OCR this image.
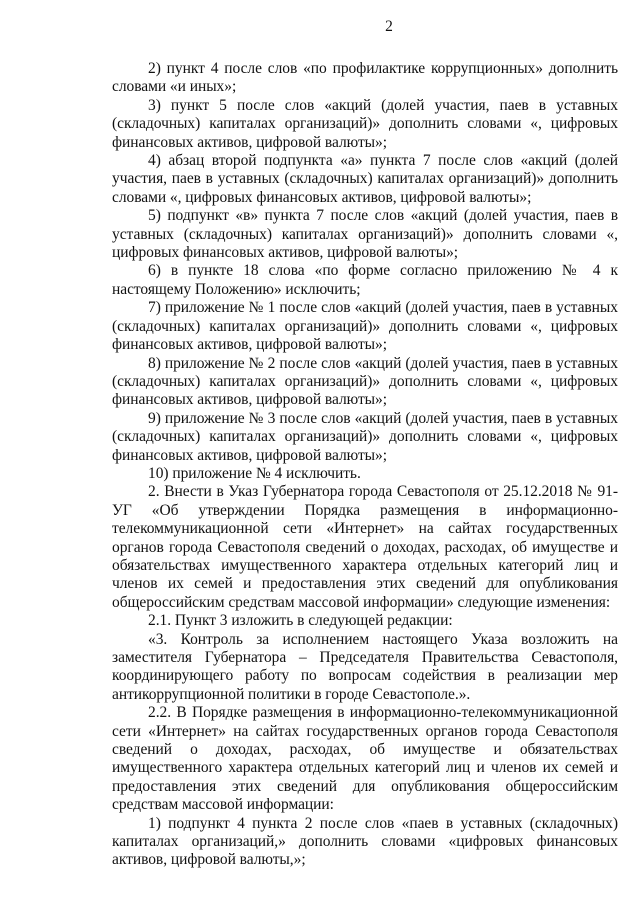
2

2) пункт 4 после слов «по профилактике коррупционных» дополнить словами «и иных»;

3) пункт 5 после слов «акций (долей участия, паев в уставных (складочных) капиталах организаций)» дополнить словами «, цифровых финансовых активов, цифровой валюты»;

4) абзац второй подпункта «а» пункта 7 после слов «акций (долей участия, паев в уставных (складочных) капиталах организаций)» дополнить словами «, цифровых финансовых активов, цифровой валюты»;

5) подпункт «в» пункта 7 после слов «акций (долей участия, паев в уставных (складочных) капиталах организаций)» дополнить словами «, цифровых финансовых активов, цифровой валюты»;

6) в пункте 18 слова «по форме согласно приложению № 4 к настоящему Положению» исключить;

7) приложение № 1 после слов «акций (долей участия, паев в уставных (складочных) капиталах организаций)» дополнить словами «, цифровых финансовых активов, цифровой валюты»;

8) приложение № 2 после слов «акций (долей участия, паев в уставных (складочных) капиталах организаций)» дополнить словами «, цифровых финансовых активов, цифровой валюты»;

9) приложение № 3 после слов «акций (долей участия, паев в уставных (складочных) капиталах организаций)» дополнить словами «, цифровых финансовых активов, цифровой валюты»;

10) приложение № 4 исключить.

2. Внести в Указ Губернатора города Севастополя от 25.12.2018 № 91-УГ «Об утверждении Порядка размещения в информационно-телекоммуникационной сети «Интернет» на сайтах государственных органов города Севастополя сведений о доходах, расходах, об имуществе и обязательствах имущественного характера отдельных категорий лиц и членов их семей и предоставления этих сведений для опубликования общероссийским средствам массовой информации» следующие изменения:

2.1. Пункт 3 изложить в следующей редакции:

«3. Контроль за исполнением настоящего Указа возложить на заместителя Губернатора – Председателя Правительства Севастополя, координирующего работу по вопросам содействия в реализации мер антикоррупционной политики в городе Севастополе.».

2.2. В Порядке размещения в информационно-телекоммуникационной сети «Интернет» на сайтах государственных органов города Севастополя сведений о доходах, расходах, об имуществе и обязательствах имущественного характера отдельных категорий лиц и членов их семей и предоставления этих сведений для опубликования общероссийским средствам массовой информации:

1) подпункт 4 пункта 2 после слов «паев в уставных (складочных) капиталах организаций,» дополнить словами «цифровых финансовых активов, цифровой валюты,»;
